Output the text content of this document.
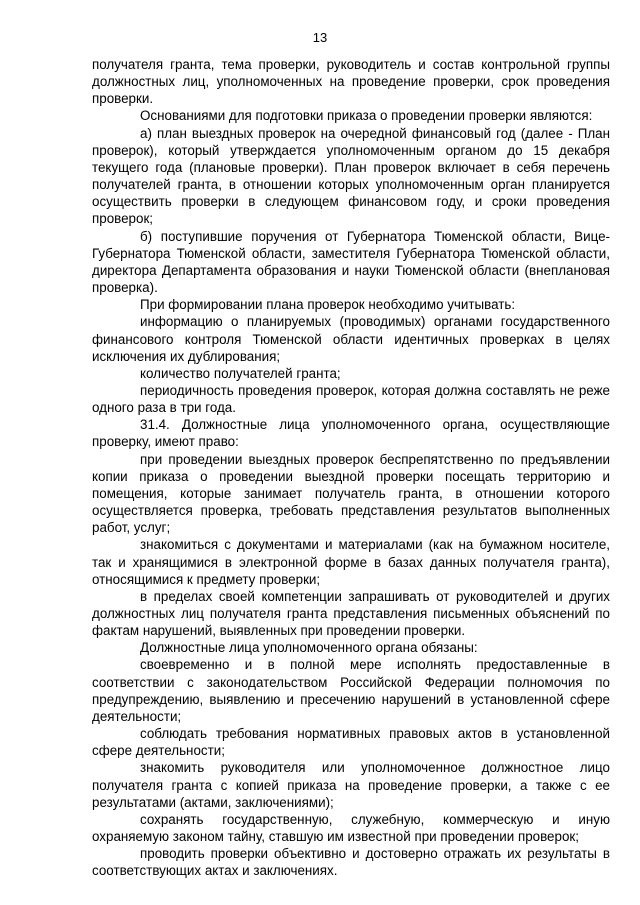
13

получателя гранта, тема проверки, руководитель и состав контрольной группы должностных лиц, уполномоченных на проведение проверки, срок проведения проверки.

Основаниями для подготовки приказа о проведении проверки являются:

а) план выездных проверок на очередной финансовый год (далее - План проверок), который утверждается уполномоченным органом до 15 декабря текущего года (плановые проверки). План проверок включает в себя перечень получателей гранта, в отношении которых уполномоченным орган планируется осуществить проверки в следующем финансовом году, и сроки проведения проверок;

б) поступившие поручения от Губернатора Тюменской области, Вице-Губернатора Тюменской области, заместителя Губернатора Тюменской области, директора Департамента образования и науки Тюменской области (внеплановая проверка).

При формировании плана проверок необходимо учитывать:

информацию о планируемых (проводимых) органами государственного финансового контроля Тюменской области идентичных проверках в целях исключения их дублирования;

количество получателей гранта;

периодичность проведения проверок, которая должна составлять не реже одного раза в три года.

31.4. Должностные лица уполномоченного органа, осуществляющие проверку, имеют право:

при проведении выездных проверок беспрепятственно по предъявлении копии приказа о проведении выездной проверки посещать территорию и помещения, которые занимает получатель гранта, в отношении которого осуществляется проверка, требовать представления результатов выполненных работ, услуг;

знакомиться с документами и материалами (как на бумажном носителе, так и хранящимися в электронной форме в базах данных получателя гранта), относящимися к предмету проверки;

в пределах своей компетенции запрашивать от руководителей и других должностных лиц получателя гранта представления письменных объяснений по фактам нарушений, выявленных при проведении проверки.

Должностные лица уполномоченного органа обязаны:

своевременно и в полной мере исполнять предоставленные в соответствии с законодательством Российской Федерации полномочия по предупреждению, выявлению и пресечению нарушений в установленной сфере деятельности;

соблюдать требования нормативных правовых актов в установленной сфере деятельности;

знакомить руководителя или уполномоченное должностное лицо получателя гранта с копией приказа на проведение проверки, а также с ее результатами (актами, заключениями);

сохранять государственную, служебную, коммерческую и иную охраняемую законом тайну, ставшую им известной при проведении проверок;

проводить проверки объективно и достоверно отражать их результаты в соответствующих актах и заключениях.
